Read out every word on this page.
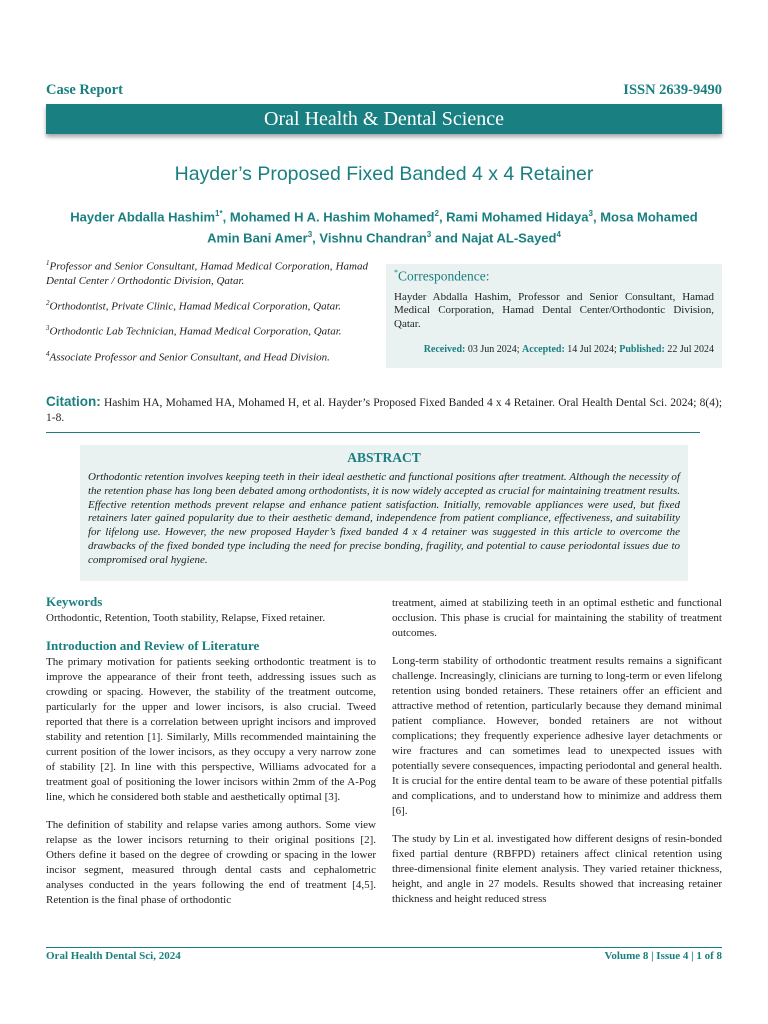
Case Report	ISSN 2639-9490
Oral Health & Dental Science
Hayder’s Proposed Fixed Banded 4 x 4 Retainer
Hayder Abdalla Hashim$^{1*}$, Mohamed H A. Hashim Mohamed$^2$, Rami Mohamed Hidaya$^3$, Mosa Mohamed Amin Bani Amer$^3$, Vishnu Chandran$^3$ and Najat AL-Sayed$^4$

$^1$Professor and Senior Consultant, Hamad Medical Corporation, Hamad Dental Center / Orthodontic Division, Qatar.

$^2$Orthodontist, Private Clinic, Hamad Medical Corporation, Qatar.

$^3$Orthodontic Lab Technician, Hamad Medical Corporation, Qatar.

$^4$Associate Professor and Senior Consultant, and Head Division.

*Correspondence:

Hayder Abdalla Hashim, Professor and Senior Consultant, Hamad Medical Corporation, Hamad Dental Center/Orthodontic Division, Qatar.

Received: 03 Jun 2024; Accepted: 14 Jul 2024; Published: 22 Jul 2024
Citation: Hashim HA, Mohamed HA, Mohamed H, et al. Hayder’s Proposed Fixed Banded 4 x 4 Retainer. Oral Health Dental Sci. 2024; 8(4); 1-8.
ABSTRACT

Orthodontic retention involves keeping teeth in their ideal aesthetic and functional positions after treatment. Although the necessity of the retention phase has long been debated among orthodontists, it is now widely accepted as crucial for maintaining treatment results. Effective retention methods prevent relapse and enhance patient satisfaction. Initially, removable appliances were used, but fixed retainers later gained popularity due to their aesthetic demand, independence from patient compliance, effectiveness, and suitability for lifelong use. However, the new proposed Hayder’s fixed banded 4 x 4 retainer was suggested in this article to overcome the drawbacks of the fixed bonded type including the need for precise bonding, fragility, and potential to cause periodontal issues due to compromised oral hygiene.

Keywords

Orthodontic, Retention, Tooth stability, Relapse, Fixed retainer.

Introduction and Review of Literature

The primary motivation for patients seeking orthodontic treatment is to improve the appearance of their front teeth, addressing issues such as crowding or spacing. However, the stability of the treatment outcome, particularly for the upper and lower incisors, is also crucial. Tweed reported that there is a correlation between upright incisors and improved stability and retention [1]. Similarly, Mills recommended maintaining the current position of the lower incisors, as they occupy a very narrow zone of stability [2]. In line with this perspective, Williams advocated for a treatment goal of positioning the lower incisors within 2mm of the A-Pog line, which he considered both stable and aesthetically optimal [3].

The definition of stability and relapse varies among authors. Some view relapse as the lower incisors returning to their original positions [2]. Others define it based on the degree of crowding or spacing in the lower incisor segment, measured through dental casts and cephalometric analyses conducted in the years following the end of treatment [4,5]. Retention is the final phase of orthodontic

treatment, aimed at stabilizing teeth in an optimal esthetic and functional occlusion. This phase is crucial for maintaining the stability of treatment outcomes.

Long-term stability of orthodontic treatment results remains a significant challenge. Increasingly, clinicians are turning to long-term or even lifelong retention using bonded retainers. These retainers offer an efficient and attractive method of retention, particularly because they demand minimal patient compliance. However, bonded retainers are not without complications; they frequently experience adhesive layer detachments or wire fractures and can sometimes lead to unexpected issues with potentially severe consequences, impacting periodontal and general health. It is crucial for the entire dental team to be aware of these potential pitfalls and complications, and to understand how to minimize and address them [6].

The study by Lin et al. investigated how different designs of resin-bonded fixed partial denture (RBFPD) retainers affect clinical retention using three-dimensional finite element analysis. They varied retainer thickness, height, and angle in 27 models. Results showed that increasing retainer thickness and height reduced stress

Oral Health Dental Sci, 2024	Volume 8 | Issue 4 | 1 of 8
